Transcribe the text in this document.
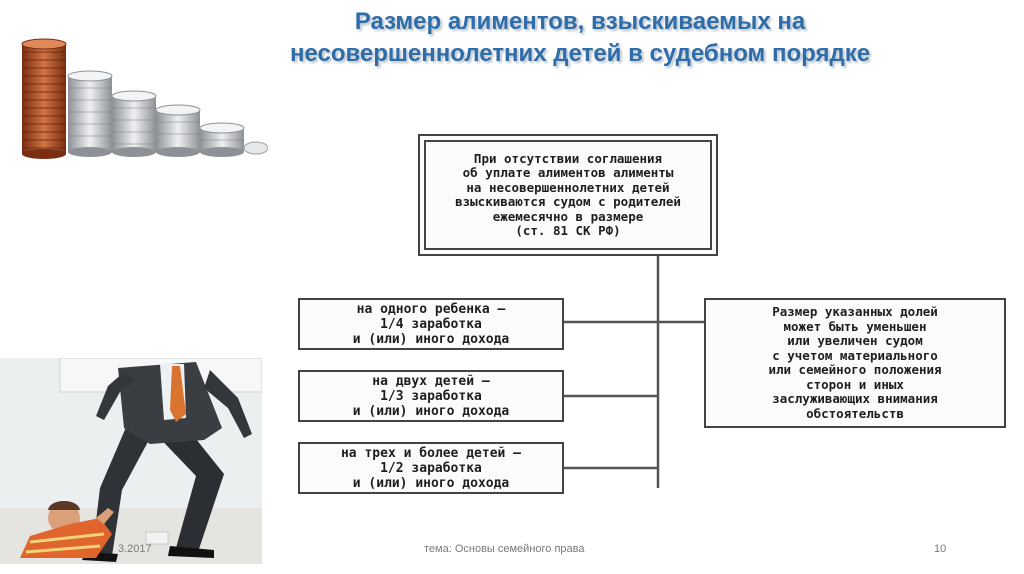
Размер алиментов, взыскиваемых на
несовершеннолетних детей в судебном порядке
При отсутствии соглашения
об уплате алиментов алименты
на несовершеннолетних детей
взыскиваются судом с родителей
ежемесячно в размере
(ст. 81 СК РФ)
на одного ребенка –
1/4 заработка
и (или) иного дохода
на двух детей –
1/3 заработка
и (или) иного дохода
на трех и более детей –
1/2 заработка
и (или) иного дохода
Размер указанных долей
может быть уменьшен
или увеличен судом
с учетом материального
или семейного положения
сторон и иных
заслуживающих внимания
обстоятельств
3.2017	тема: Основы семейного права	10
